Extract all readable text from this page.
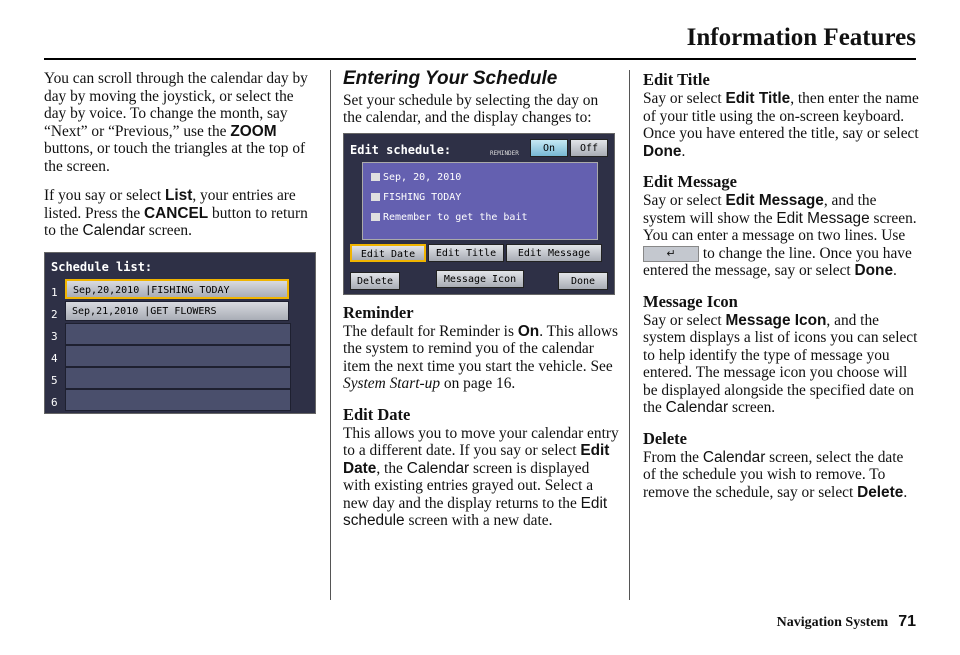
Information Features

You can scroll through the calendar day by day by moving the joystick, or select the day by voice. To change the month, say “Next” or “Previous,” use the ZOOM buttons, or touch the triangles at the top of the screen.

If you say or select List, your entries are listed. Press the CANCEL button to return to the Calendar screen.

Schedule list:
1	Sep,20,2010 |FISHING TODAY
2	Sep,21,2010 |GET FLOWERS
3
4
5
6
Entering Your Schedule

Set your schedule by selecting the day on the calendar, and the display changes to:

Edit schedule:	REMINDER	On	Off
Sep, 20, 2010
FISHING TODAY
Remember to get the bait
Edit Date	Edit Title	Edit Message
Delete	Message Icon	Done
Reminder

The default for Reminder is On. This allows the system to remind you of the calendar item the next time you start the vehicle. See System Start-up on page 16.

Edit Date

This allows you to move your calendar entry to a different date. If you say or select Edit Date, the Calendar screen is displayed with existing entries grayed out. Select a new day and the display returns to the Edit schedule screen with a new date.

Edit Title

Say or select Edit Title, then enter the name of your title using the on-screen keyboard. Once you have entered the title, say or select Done.

Edit Message

Say or select Edit Message, and the system will show the Edit Message screen. You can enter a message on two lines. Use ↵ to change the line. Once you have entered the message, say or select Done.

Message Icon

Say or select Message Icon, and the system displays a list of icons you can select to help identify the type of message you entered. The message icon you choose will be displayed alongside the specified date on the Calendar screen.

Delete

From the Calendar screen, select the date of the schedule you wish to remove. To remove the schedule, say or select Delete.

Navigation System 71
